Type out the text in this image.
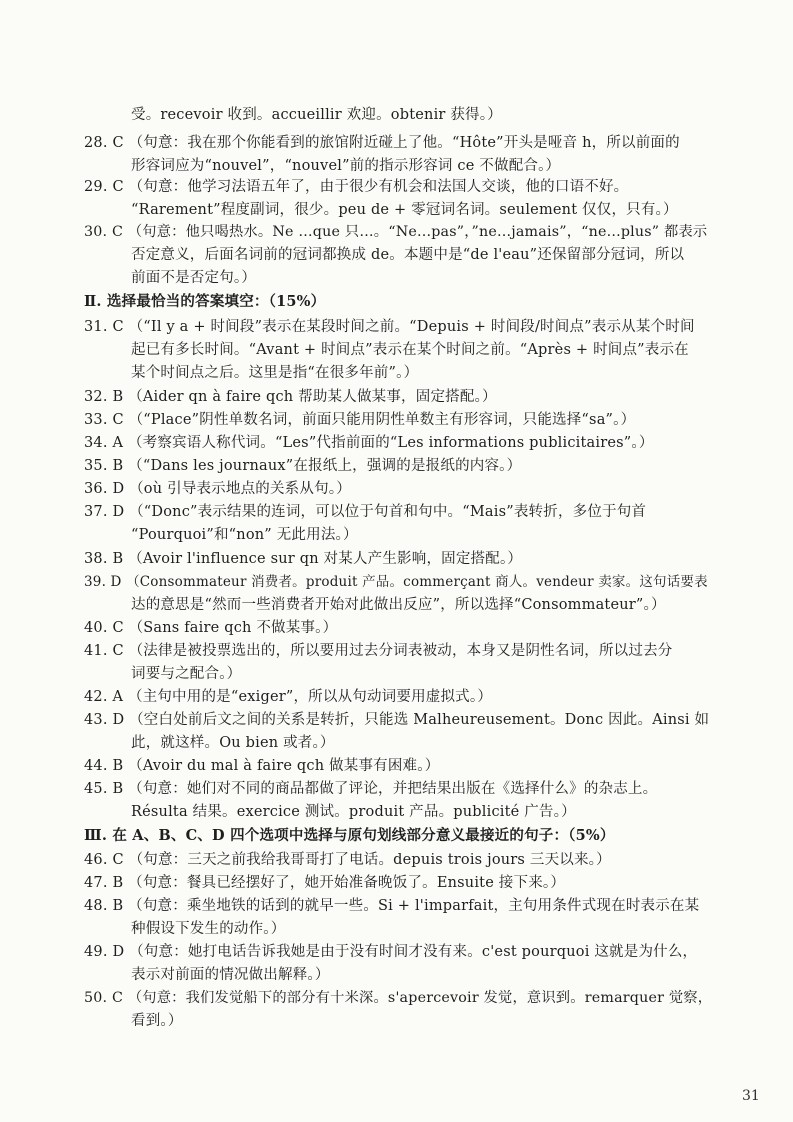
受。recevoir 收到。accueillir 欢迎。obtenir 获得。）
28. C （句意：我在那个你能看到的旅馆附近碰上了他。“Hôte”开头是哑音 h，所以前面的
形容词应为“nouvel”，“nouvel”前的指示形容词 ce 不做配合。）
29. C （句意：他学习法语五年了，由于很少有机会和法国人交谈，他的口语不好。
“Rarement”程度副词，很少。peu de + 零冠词名词。seulement 仅仅，只有。）
30. C （句意：他只喝热水。Ne …que 只…。“Ne...pas”，”ne...jamais”，“ne...plus” 都表示
否定意义，后面名词前的冠词都换成 de。本题中是“de l'eau”还保留部分冠词，所以
前面不是否定句。）
Ⅱ. 选择最恰当的答案填空：（15%）
31. C （“Il y a + 时间段”表示在某段时间之前。“Depuis + 时间段/时间点”表示从某个时间
起已有多长时间。“Avant + 时间点”表示在某个时间之前。“Après + 时间点”表示在
某个时间点之后。这里是指“在很多年前”。）
32. B （Aider qn à faire qch 帮助某人做某事，固定搭配。）
33. C （“Place”阴性单数名词，前面只能用阴性单数主有形容词，只能选择“sa”。）
34. A （考察宾语人称代词。“Les”代指前面的“Les informations publicitaires”。）
35. B （“Dans les journaux”在报纸上，强调的是报纸的内容。）
36. D （où 引导表示地点的关系从句。）
37. D （“Donc”表示结果的连词，可以位于句首和句中。“Mais”表转折，多位于句首
“Pourquoi”和“non” 无此用法。）
38. B （Avoir l'influence sur qn 对某人产生影响，固定搭配。）
39. D （Consommateur 消费者。produit 产品。commerçant 商人。vendeur 卖家。这句话要表
达的意思是“然而一些消费者开始对此做出反应”，所以选择“Consommateur”。）
40. C （Sans faire qch 不做某事。）
41. C （法律是被投票选出的，所以要用过去分词表被动，本身又是阴性名词，所以过去分
词要与之配合。）
42. A （主句中用的是“exiger”，所以从句动词要用虚拟式。）
43. D （空白处前后文之间的关系是转折，只能选 Malheureusement。Donc 因此。Ainsi 如
此，就这样。Ou bien 或者。）
44. B （Avoir du mal à faire qch 做某事有困难。）
45. B （句意：她们对不同的商品都做了评论，并把结果出版在《选择什么》的杂志上。
Résulta 结果。exercice 测试。produit 产品。publicité 广告。）
Ⅲ. 在 A、B、C、D 四个选项中选择与原句划线部分意义最接近的句子：（5%）
46. C （句意：三天之前我给我哥哥打了电话。depuis trois jours 三天以来。）
47. B （句意：餐具已经摆好了，她开始准备晚饭了。Ensuite 接下来。）
48. B （句意：乘坐地铁的话到的就早一些。Si + l'imparfait，主句用条件式现在时表示在某
种假设下发生的动作。）
49. D （句意：她打电话告诉我她是由于没有时间才没有来。c'est pourquoi 这就是为什么，
表示对前面的情况做出解释。）
50. C （句意：我们发觉船下的部分有十米深。s'apercevoir 发觉，意识到。remarquer 觉察，
看到。）
31
